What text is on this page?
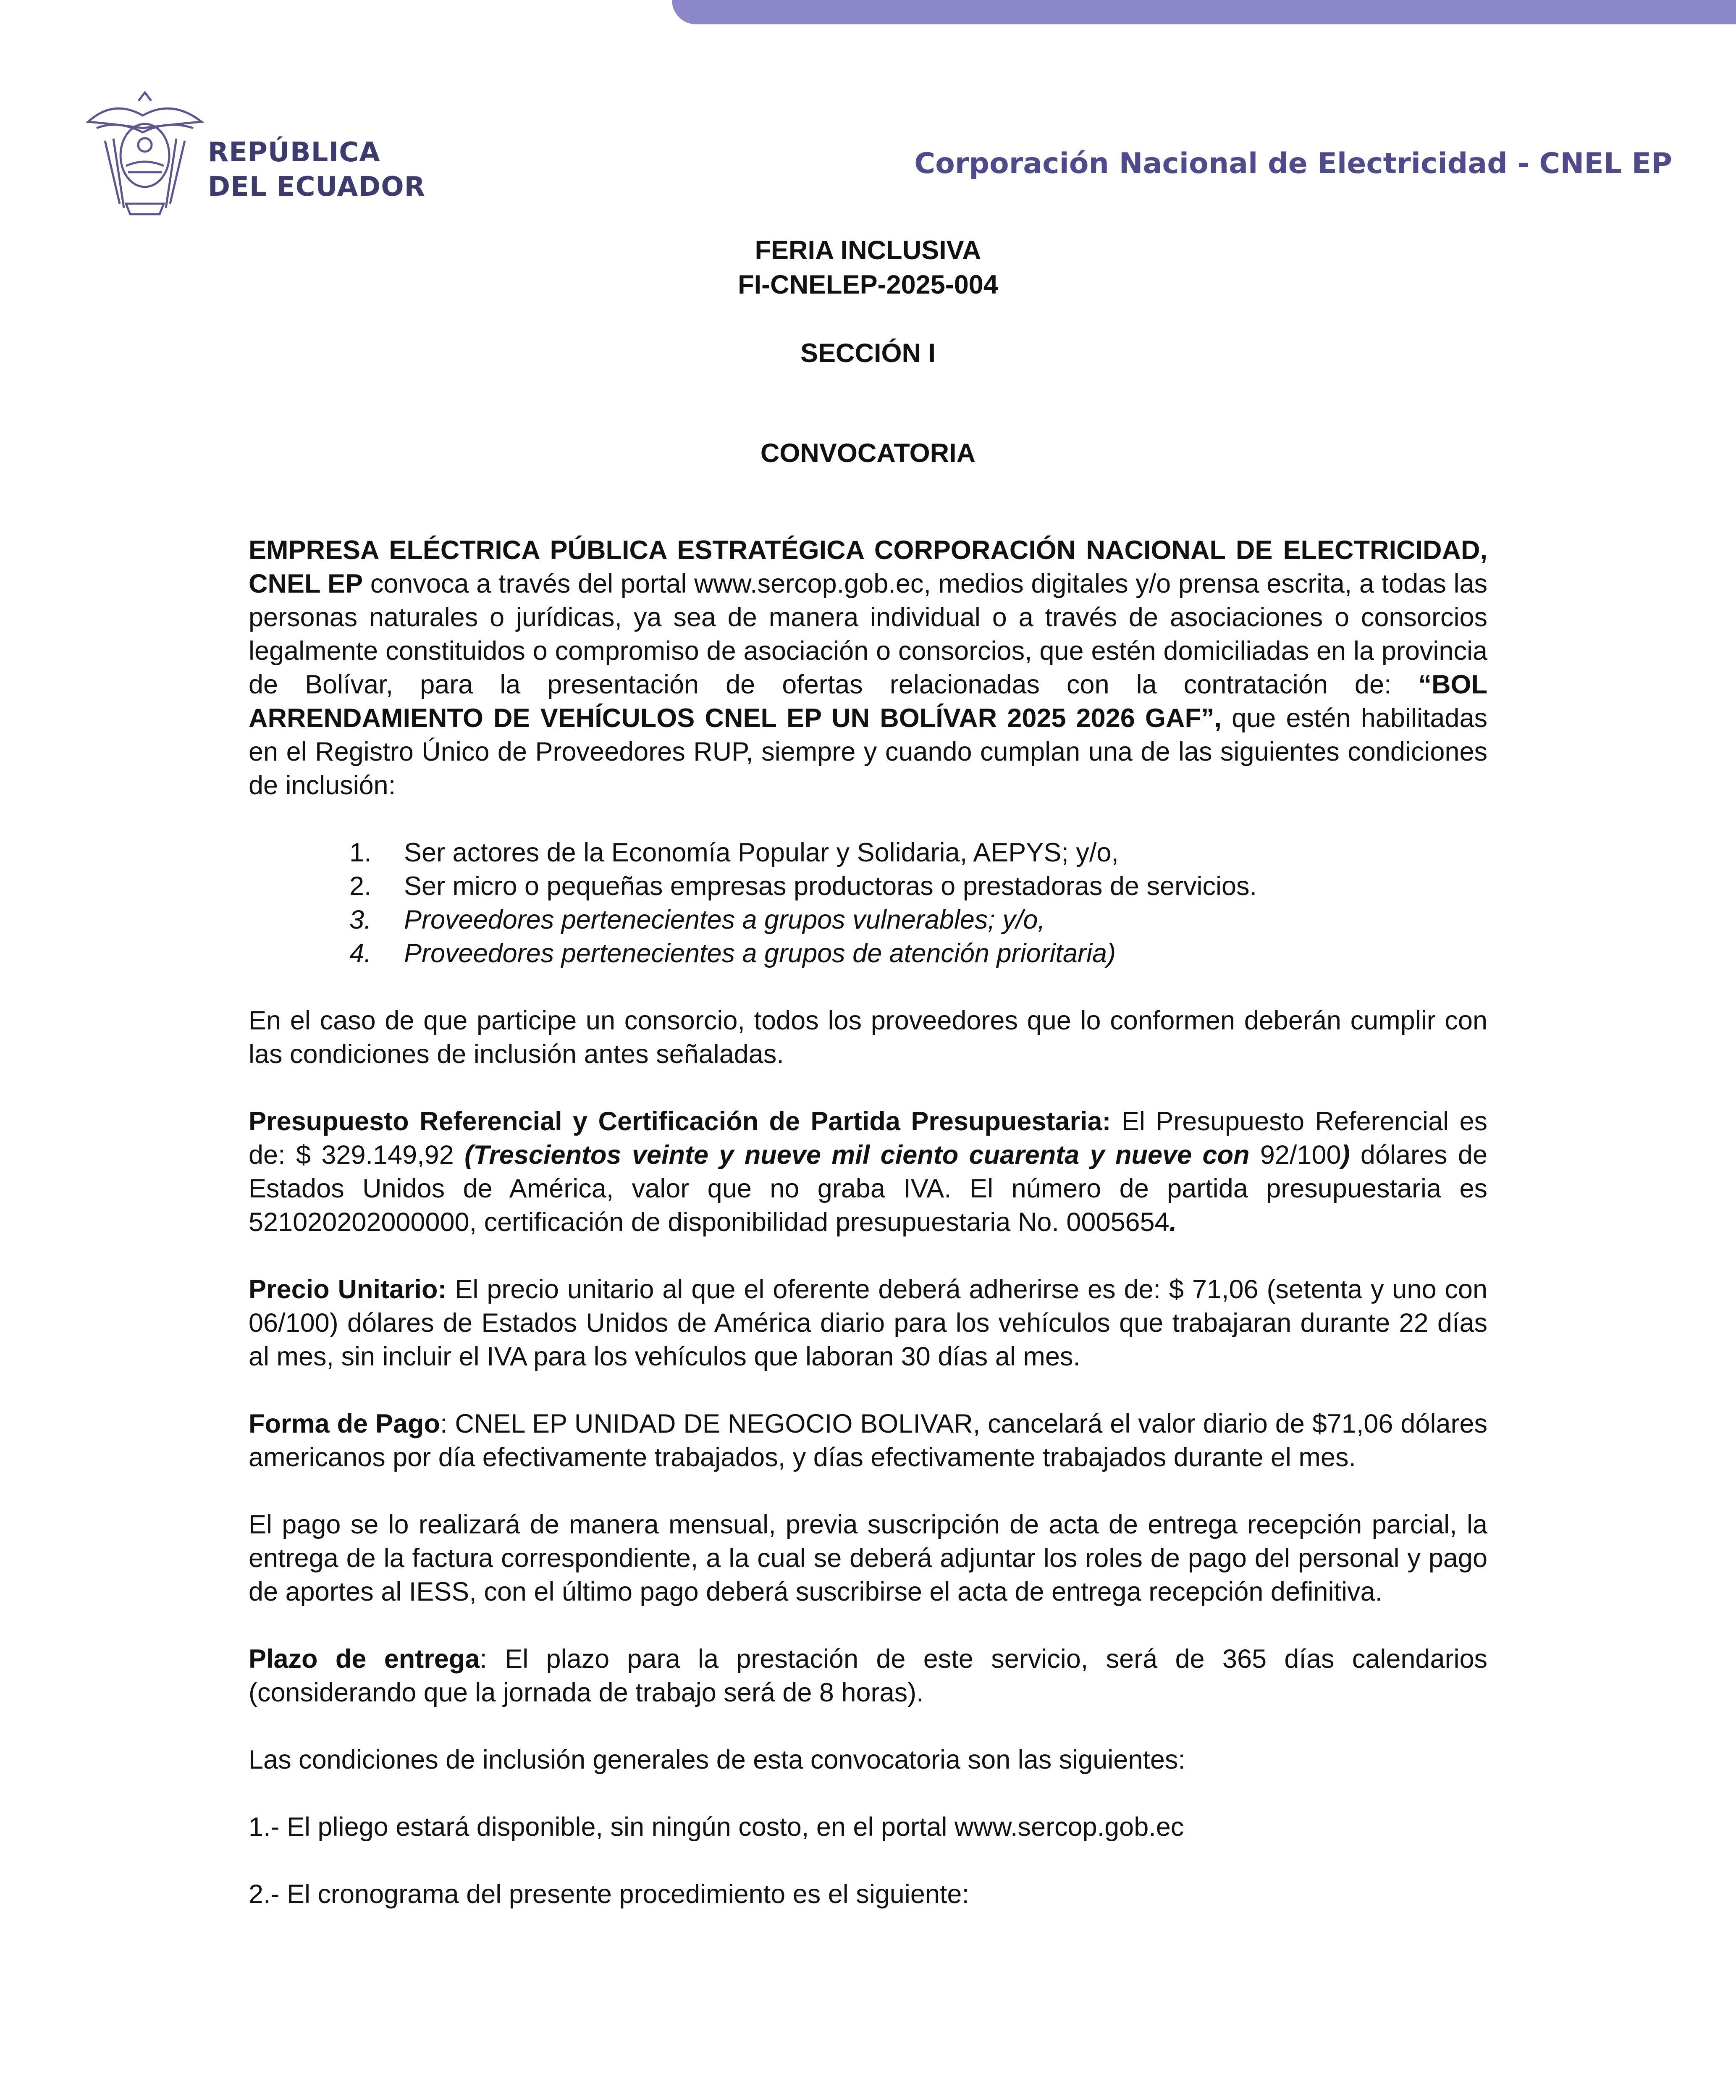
REPÚBLICA
DEL ECUADOR
Corporación Nacional de Electricidad - CNEL EP
FERIA INCLUSIVA
FI-CNELEP-2025-004
SECCIÓN I
CONVOCATORIA

EMPRESA ELÉCTRICA PÚBLICA ESTRATÉGICA CORPORACIÓN NACIONAL DE ELECTRICIDAD, CNEL EP convoca a través del portal www.sercop.gob.ec, medios digitales y/o prensa escrita, a todas las personas naturales o jurídicas, ya sea de manera individual o a través de asociaciones o consorcios legalmente constituidos o compromiso de asociación o consorcios, que estén domiciliadas en la provincia de Bolívar, para la presentación de ofertas relacionadas con la contratación de: “BOL ARRENDAMIENTO DE VEHÍCULOS CNEL EP UN BOLÍVAR 2025 2026 GAF”, que estén habilitadas en el Registro Único de Proveedores RUP, siempre y cuando cumplan una de las siguientes condiciones de inclusión:

1. Ser actores de la Economía Popular y Solidaria, AEPYS; y/o,
2. Ser micro o pequeñas empresas productoras o prestadoras de servicios.
3. Proveedores pertenecientes a grupos vulnerables; y/o,
4. Proveedores pertenecientes a grupos de atención prioritaria)

En el caso de que participe un consorcio, todos los proveedores que lo conformen deberán cumplir con las condiciones de inclusión antes señaladas.

Presupuesto Referencial y Certificación de Partida Presupuestaria: El Presupuesto Referencial es de: $ 329.149,92 (Trescientos veinte y nueve mil ciento cuarenta y nueve con 92/100) dólares de Estados Unidos de América, valor que no graba IVA. El número de partida presupuestaria es 521020202000000, certificación de disponibilidad presupuestaria No. 0005654.

Precio Unitario: El precio unitario al que el oferente deberá adherirse es de: $ 71,06 (setenta y uno con 06/100) dólares de Estados Unidos de América diario para los vehículos que trabajaran durante 22 días al mes, sin incluir el IVA para los vehículos que laboran 30 días al mes.

Forma de Pago: CNEL EP UNIDAD DE NEGOCIO BOLIVAR, cancelará el valor diario de $71,06 dólares americanos por día efectivamente trabajados, y días efectivamente trabajados durante el mes.

El pago se lo realizará de manera mensual, previa suscripción de acta de entrega recepción parcial, la entrega de la factura correspondiente, a la cual se deberá adjuntar los roles de pago del personal y pago de aportes al IESS, con el último pago deberá suscribirse el acta de entrega recepción definitiva.

Plazo de entrega: El plazo para la prestación de este servicio, será de 365 días calendarios (considerando que la jornada de trabajo será de 8 horas).

Las condiciones de inclusión generales de esta convocatoria son las siguientes:

1.- El pliego estará disponible, sin ningún costo, en el portal www.sercop.gob.ec

2.- El cronograma del presente procedimiento es el siguiente:
